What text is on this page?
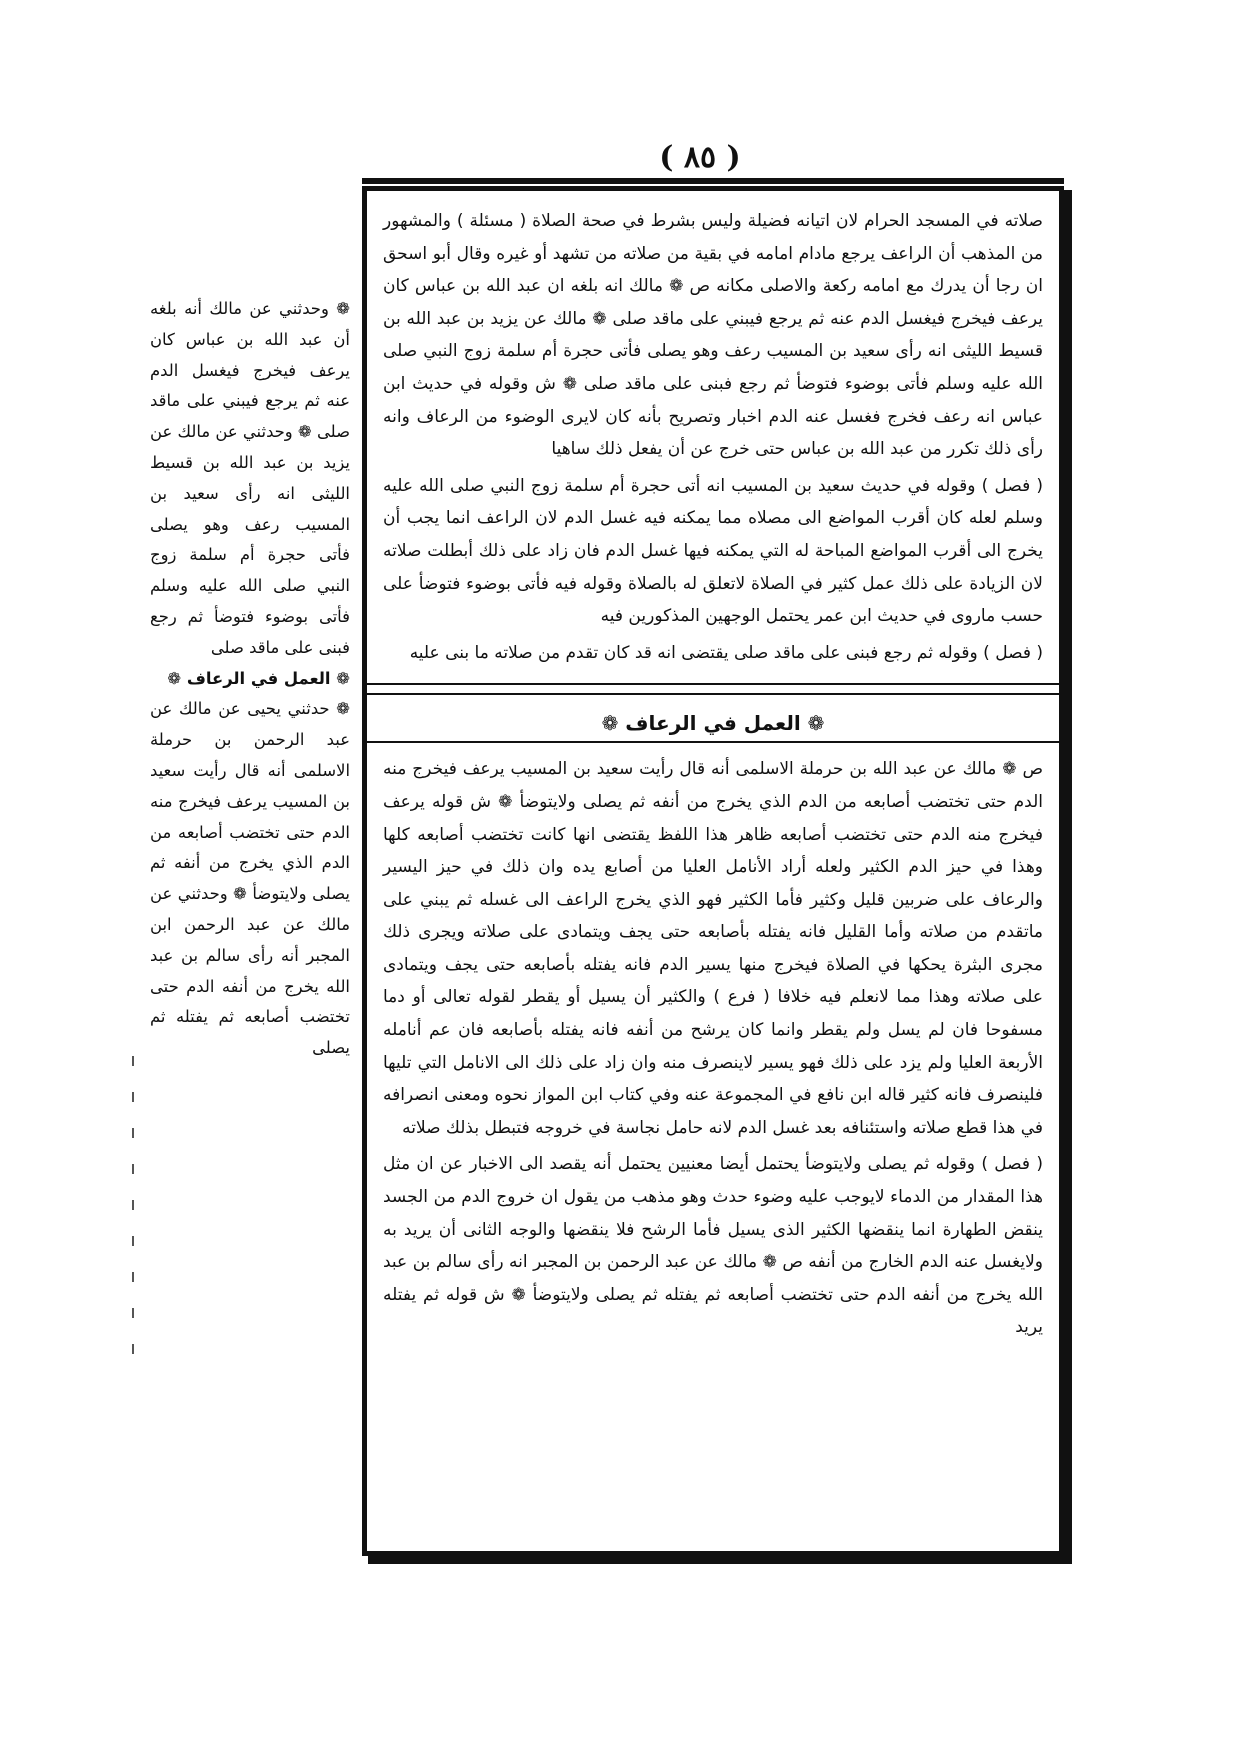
( ٨٥ )

صلاته في المسجد الحرام لان اتيانه فضيلة وليس بشرط في صحة الصلاة ( مسئلة ) والمشهور من المذهب أن الراعف يرجع مادام امامه في بقية من صلاته من تشهد أو غيره وقال أبو اسحق ان رجا أن يدرك مع امامه ركعة والاصلى مكانه ص ❁ مالك انه بلغه ان عبد الله بن عباس كان يرعف فيخرج فيغسل الدم عنه ثم يرجع فيبني على ماقد صلى ❁ مالك عن يزيد بن عبد الله بن قسيط الليثى انه رأى سعيد بن المسيب رعف وهو يصلى فأتى حجرة أم سلمة زوج النبي صلى الله عليه وسلم فأتى بوضوء فتوضأ ثم رجع فبنى على ماقد صلى ❁ ش وقوله في حديث ابن عباس انه رعف فخرج فغسل عنه الدم اخبار وتصريح بأنه كان لايرى الوضوء من الرعاف وانه رأى ذلك تكرر من عبد الله بن عباس حتى خرج عن أن يفعل ذلك ساهيا

( فصل ) وقوله في حديث سعيد بن المسيب انه أتى حجرة أم سلمة زوج النبي صلى الله عليه وسلم لعله كان أقرب المواضع الى مصلاه مما يمكنه فيه غسل الدم لان الراعف انما يجب أن يخرج الى أقرب المواضع المباحة له التي يمكنه فيها غسل الدم فان زاد على ذلك أبطلت صلاته لان الزيادة على ذلك عمل كثير في الصلاة لاتعلق له بالصلاة وقوله فيه فأتى بوضوء فتوضأ على حسب ماروى في حديث ابن عمر يحتمل الوجهين المذكورين فيه

( فصل ) وقوله ثم رجع فبنى على ماقد صلى يقتضى انه قد كان تقدم من صلاته ما بنى عليه

❁ العمل في الرعاف ❁

ص ❁ مالك عن عبد الله بن حرملة الاسلمى أنه قال رأيت سعيد بن المسيب يرعف فيخرج منه الدم حتى تختضب أصابعه من الدم الذي يخرج من أنفه ثم يصلى ولايتوضأ ❁ ش قوله يرعف فيخرج منه الدم حتى تختضب أصابعه ظاهر هذا اللفظ يقتضى انها كانت تختضب أصابعه كلها وهذا في حيز الدم الكثير ولعله أراد الأنامل العليا من أصابع يده وان ذلك في حيز اليسير والرعاف على ضربين قليل وكثير فأما الكثير فهو الذي يخرج الراعف الى غسله ثم يبني على ماتقدم من صلاته وأما القليل فانه يفتله بأصابعه حتى يجف ويتمادى على صلاته ويجرى ذلك مجرى البثرة يحكها في الصلاة فيخرج منها يسير الدم فانه يفتله بأصابعه حتى يجف ويتمادى على صلاته وهذا مما لانعلم فيه خلافا ( فرع ) والكثير أن يسيل أو يقطر لقوله تعالى أو دما مسفوحا فان لم يسل ولم يقطر وانما كان يرشح من أنفه فانه يفتله بأصابعه فان عم أنامله الأربعة العليا ولم يزد على ذلك فهو يسير لاينصرف منه وان زاد على ذلك الى الانامل التي تليها فلينصرف فانه كثير قاله ابن نافع في المجموعة عنه وفي كتاب ابن المواز نحوه ومعنى انصرافه في هذا قطع صلاته واستئنافه بعد غسل الدم لانه حامل نجاسة في خروجه فتبطل بذلك صلاته

( فصل ) وقوله ثم يصلى ولايتوضأ يحتمل أيضا معنيين يحتمل أنه يقصد الى الاخبار عن ان مثل هذا المقدار من الدماء لايوجب عليه وضوء حدث وهو مذهب من يقول ان خروج الدم من الجسد ينقض الطهارة انما ينقضها الكثير الذى يسيل فأما الرشح فلا ينقضها والوجه الثانى أن يريد به ولايغسل عنه الدم الخارج من أنفه ص ❁ مالك عن عبد الرحمن بن المجبر انه رأى سالم بن عبد الله يخرج من أنفه الدم حتى تختضب أصابعه ثم يفتله ثم يصلى ولايتوضأ ❁ ش قوله ثم يفتله يريد

❁ وحدثني عن مالك أنه بلغه أن عبد الله بن عباس كان يرعف فيخرج فيغسل الدم عنه ثم يرجع فيبني على ماقد صلى ❁ وحدثني عن مالك عن يزيد بن عبد الله بن قسيط الليثى انه رأى سعيد بن المسيب رعف وهو يصلى فأتى حجرة أم سلمة زوج النبي صلى الله عليه وسلم فأتى بوضوء فتوضأ ثم رجع فبنى على ماقد صلى

❁ العمل في الرعاف ❁

❁ حدثني يحيى عن مالك عن عبد الرحمن بن حرملة الاسلمى أنه قال رأيت سعيد بن المسيب يرعف فيخرج منه الدم حتى تختضب أصابعه من الدم الذي يخرج من أنفه ثم يصلى ولايتوضأ ❁ وحدثني عن مالك عن عبد الرحمن ابن المجبر أنه رأى سالم بن عبد الله يخرج من أنفه الدم حتى تختضب أصابعه ثم يفتله ثم يصلى
